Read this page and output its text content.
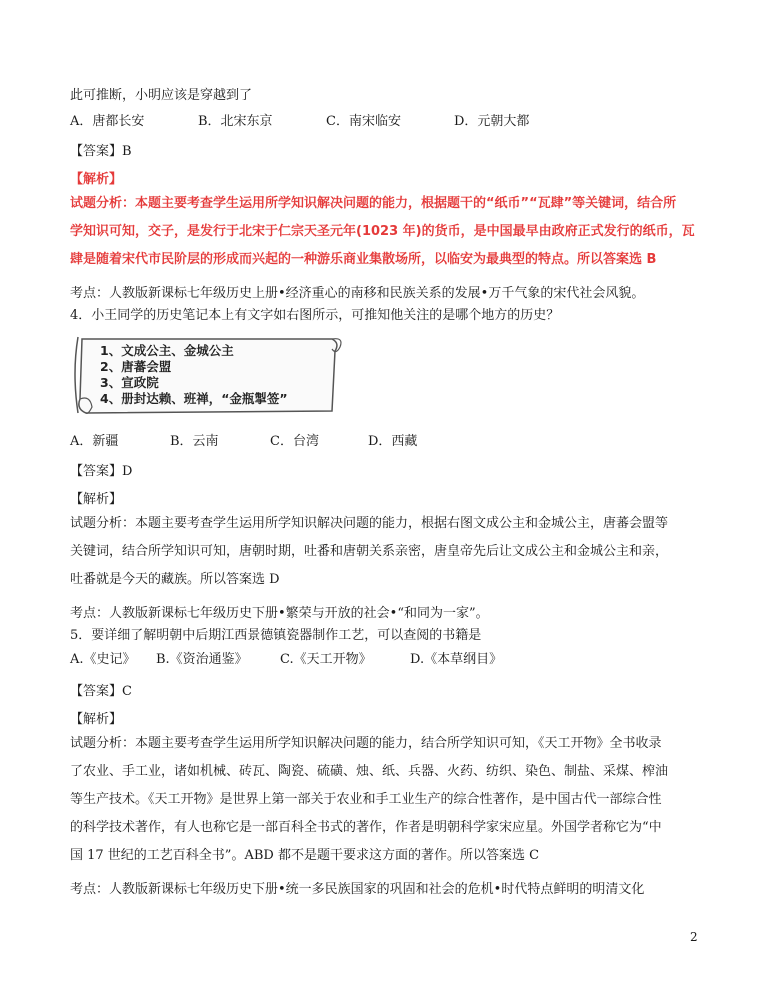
此可推断，小明应该是穿越到了
A．唐都长安	B．北宋东京	C．南宋临安	D．元朝大都
【答案】B
【解析】
试题分析：本题主要考查学生运用所学知识解决问题的能力，根据题干的“纸币”“瓦肆”等关键词，结合所
学知识可知，交子，是发行于北宋于仁宗天圣元年(1023 年)的货币，是中国最早由政府正式发行的纸币，瓦
肆是随着宋代市民阶层的形成而兴起的一种游乐商业集散场所，以临安为最典型的特点。所以答案选 B
考点：人教版新课标七年级历史上册•经济重心的南移和民族关系的发展•万千气象的宋代社会风貌。
4．小王同学的历史笔记本上有文字如右图所示，可推知他关注的是哪个地方的历史？
1、文成公主、金城公主
2、唐蕃会盟
3、宣政院
4、册封达赖、班禅，“金瓶掣签”
A．新疆	B．云南	C．台湾	D．西藏
【答案】D
【解析】
试题分析：本题主要考查学生运用所学知识解决问题的能力，根据右图文成公主和金城公主，唐蕃会盟等
关键词，结合所学知识可知，唐朝时期，吐番和唐朝关系亲密，唐皇帝先后让文成公主和金城公主和亲，
吐番就是今天的藏族。所以答案选 D
考点：人教版新课标七年级历史下册•繁荣与开放的社会•“和同为一家”。
5．要详细了解明朝中后期江西景德镇瓷器制作工艺，可以查阅的书籍是
A.《史记》 B.《资治通鉴》 C.《天工开物》	D.《本草纲目》
【答案】C
【解析】
试题分析：本题主要考查学生运用所学知识解决问题的能力，结合所学知识可知，《天工开物》全书收录
了农业、手工业，诸如机械、砖瓦、陶瓷、硫磺、烛、纸、兵器、火药、纺织、染色、制盐、采煤、榨油
等生产技术。《天工开物》是世界上第一部关于农业和手工业生产的综合性著作，是中国古代一部综合性
的科学技术著作，有人也称它是一部百科全书式的著作，作者是明朝科学家宋应星。外国学者称它为“中
国 17 世纪的工艺百科全书”。ABD 都不是题干要求这方面的著作。所以答案选 C
考点：人教版新课标七年级历史下册•统一多民族国家的巩固和社会的危机•时代特点鲜明的明清文化
2
